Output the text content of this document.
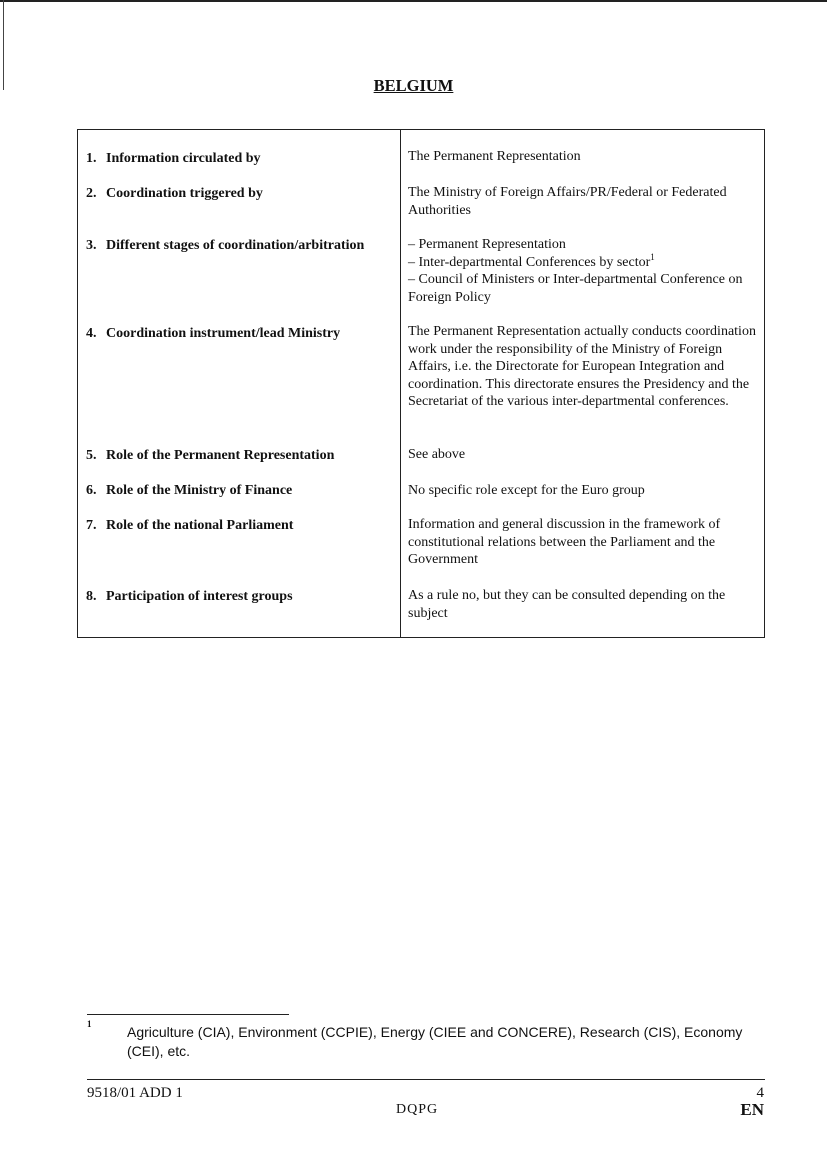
BELGIUM
1. Information circulated by	The Permanent Representation
2. Coordination triggered by	The Ministry of Foreign Affairs/PR/Federal or Federated Authorities
3. Different stages of coordination/arbitration	– Permanent Representation
– Inter-departmental Conferences by sector$^1$
– Council of Ministers or Inter-departmental Conference on Foreign Policy
4. Coordination instrument/lead Ministry	The Permanent Representation actually conducts coordination work under the responsibility of the Ministry of Foreign Affairs, i.e. the Directorate for European Integration and coordination. This directorate ensures the Presidency and the Secretariat of the various inter-departmental conferences.
5. Role of the Permanent Representation	See above
6. Role of the Ministry of Finance	No specific role except for the Euro group
7. Role of the national Parliament	Information and general discussion in the framework of constitutional relations between the Parliament and the Government
8. Participation of interest groups	As a rule no, but they can be consulted depending on the subject
1	Agriculture (CIA), Environment (CCPIE), Energy (CIEE and CONCERE), Research (CIS), Economy (CEI), etc.
9518/01 ADD 1	4
DQPG	EN
